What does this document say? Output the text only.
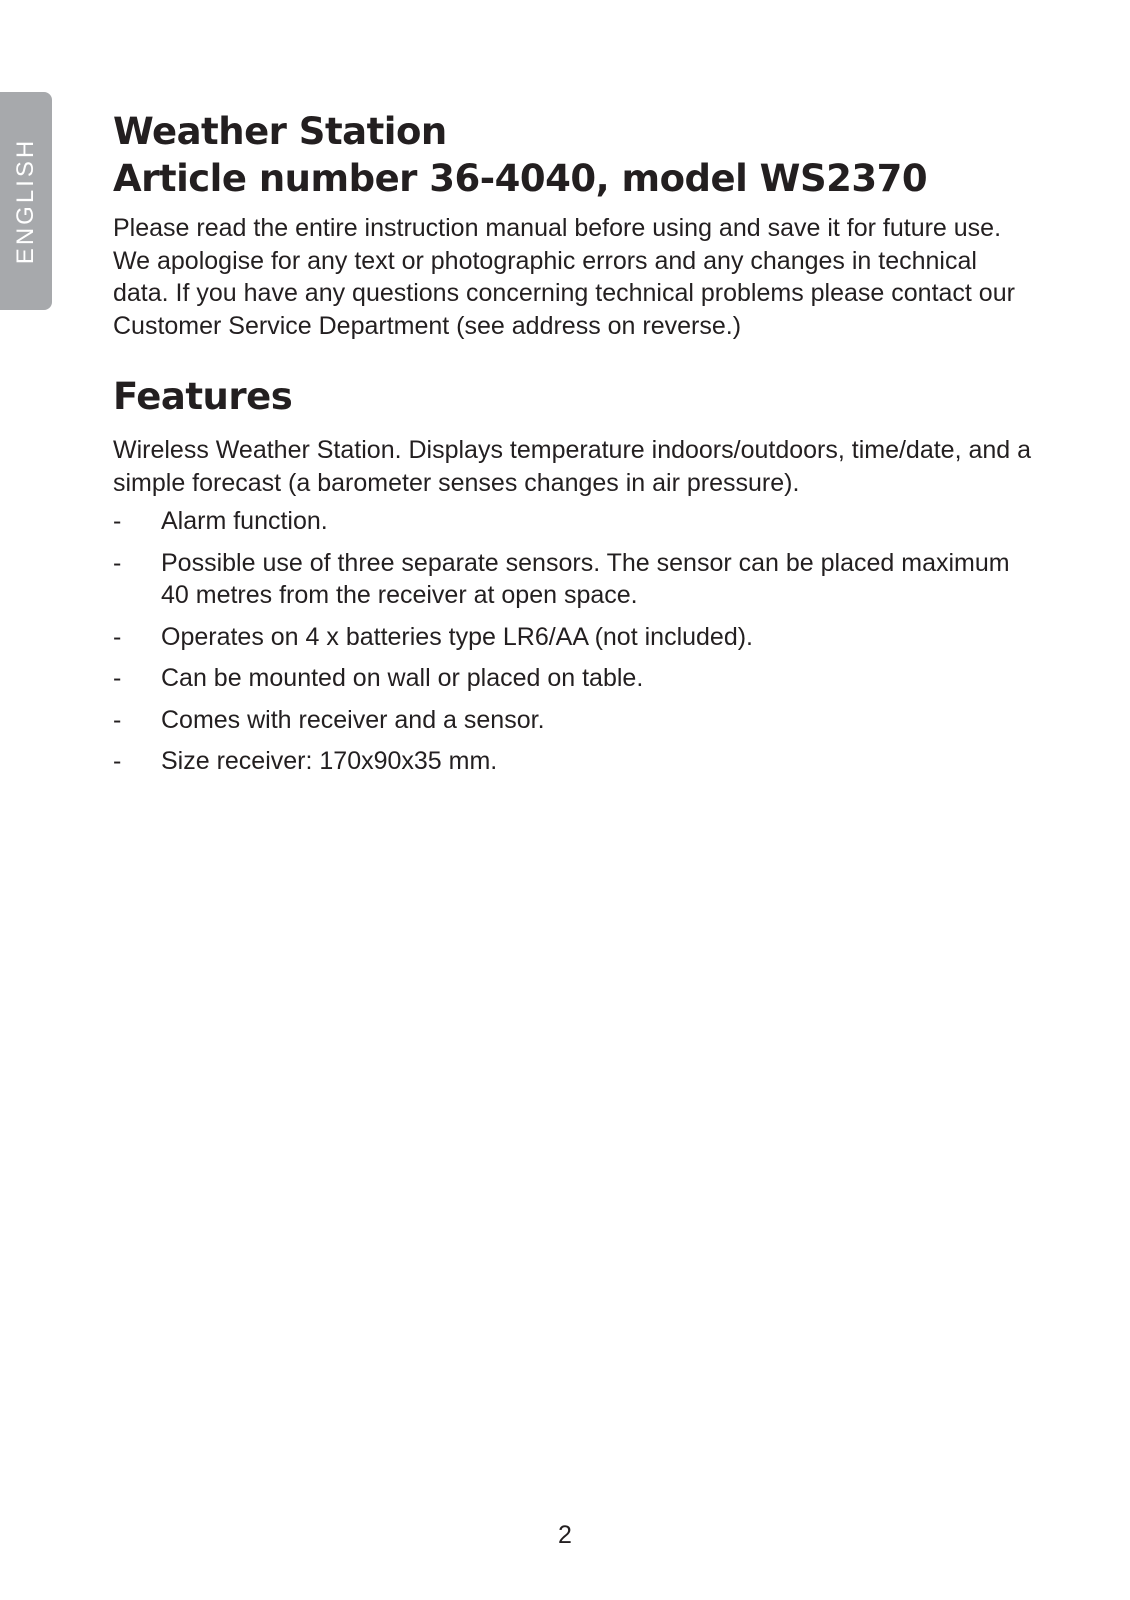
ENGLISH
Weather Station
Article number 36-4040, model WS2370

Please read the entire instruction manual before using and save it for future use. We apologise for any text or photographic errors and any changes in technical data. If you have any questions concerning technical problems please contact our Customer Service Department (see address on reverse.)

Features

Wireless Weather Station. Displays temperature indoors/outdoors, time/date, and a simple forecast (a barometer senses changes in air pressure).

-	Alarm function.
-	Possible use of three separate sensors. The sensor can be placed maximum 40 metres from the receiver at open space.
-	Operates on 4 x batteries type LR6/AA (not included).
-	Can be mounted on wall or placed on table.
-	Comes with receiver and a sensor.
-	Size receiver: 170x90x35 mm.
2
